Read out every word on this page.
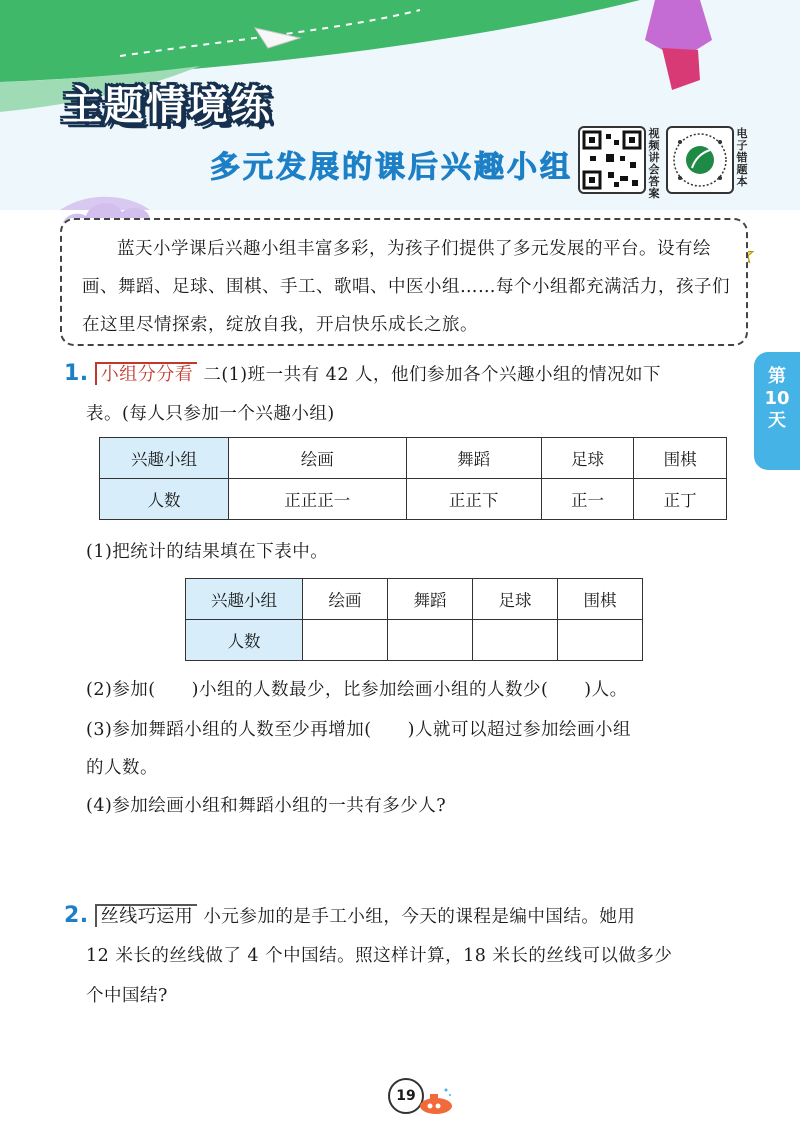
主题情境练
多元发展的课后兴趣小组
视频讲会答案
电子错题本
蓝天小学课后兴趣小组丰富多彩，为孩子们提供了多元发展的平台。设有绘画、舞蹈、足球、围棋、手工、歌唱、中医小组……每个小组都充满活力，孩子们在这里尽情探索，绽放自我，开启快乐成长之旅。
第
10
天
1. 小组分分看 二(1)班一共有 42 人，他们参加各个兴趣小组的情况如下
表。(每人只参加一个兴趣小组)
兴趣小组	绘画	舞蹈	足球	围棋
人数	正正正一	正正下	正一	正丁
(1)把统计的结果填在下表中。
兴趣小组	绘画	舞蹈	足球	围棋
人数				
(2)参加(　　)小组的人数最少，比参加绘画小组的人数少(　　)人。
(3)参加舞蹈小组的人数至少再增加(　　)人就可以超过参加绘画小组
的人数。
(4)参加绘画小组和舞蹈小组的一共有多少人?
2. 丝线巧运用 小元参加的是手工小组，今天的课程是编中国结。她用
12 米长的丝线做了 4 个中国结。照这样计算，18 米长的丝线可以做多少
个中国结?
19
